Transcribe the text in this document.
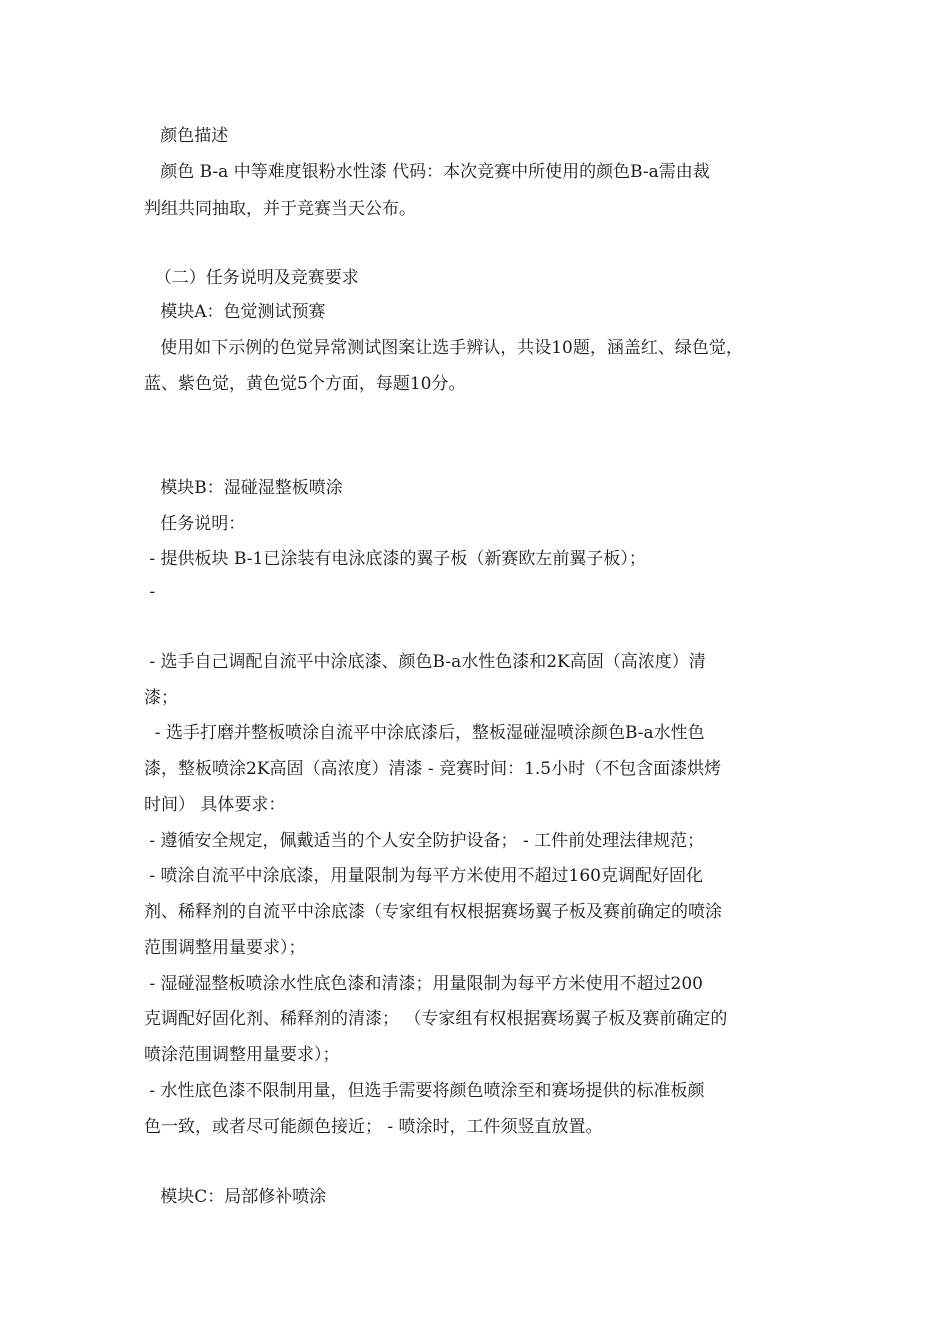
颜色描述
颜色 B-a 中等难度银粉水性漆 代码：本次竞赛中所使用的颜色B-a需由裁
判组共同抽取，并于竞赛当天公布。
（二）任务说明及竞赛要求
模块A：色觉测试预赛
使用如下示例的色觉异常测试图案让选手辨认，共设10题，涵盖红、绿色觉，
蓝、紫色觉，黄色觉5个方面，每题10分。
模块B：湿碰湿整板喷涂
任务说明：
- 提供板块 B-1已涂装有电泳底漆的翼子板（新赛欧左前翼子板）；
-
- 选手自己调配自流平中涂底漆、颜色B-a水性色漆和2K高固（高浓度）清
漆；
- 选手打磨并整板喷涂自流平中涂底漆后，整板湿碰湿喷涂颜色B-a水性色
漆，整板喷涂2K高固（高浓度）清漆 - 竞赛时间：1.5小时（不包含面漆烘烤
时间） 具体要求：
- 遵循安全规定，佩戴适当的个人安全防护设备； - 工件前处理法律规范；
- 喷涂自流平中涂底漆，用量限制为每平方米使用不超过160克调配好固化
剂、稀释剂的自流平中涂底漆（专家组有权根据赛场翼子板及赛前确定的喷涂
范围调整用量要求）；
- 湿碰湿整板喷涂水性底色漆和清漆；用量限制为每平方米使用不超过200
克调配好固化剂、稀释剂的清漆； （专家组有权根据赛场翼子板及赛前确定的
喷涂范围调整用量要求）；
- 水性底色漆不限制用量，但选手需要将颜色喷涂至和赛场提供的标准板颜
色一致，或者尽可能颜色接近； - 喷涂时，工件须竖直放置。
模块C：局部修补喷涂
